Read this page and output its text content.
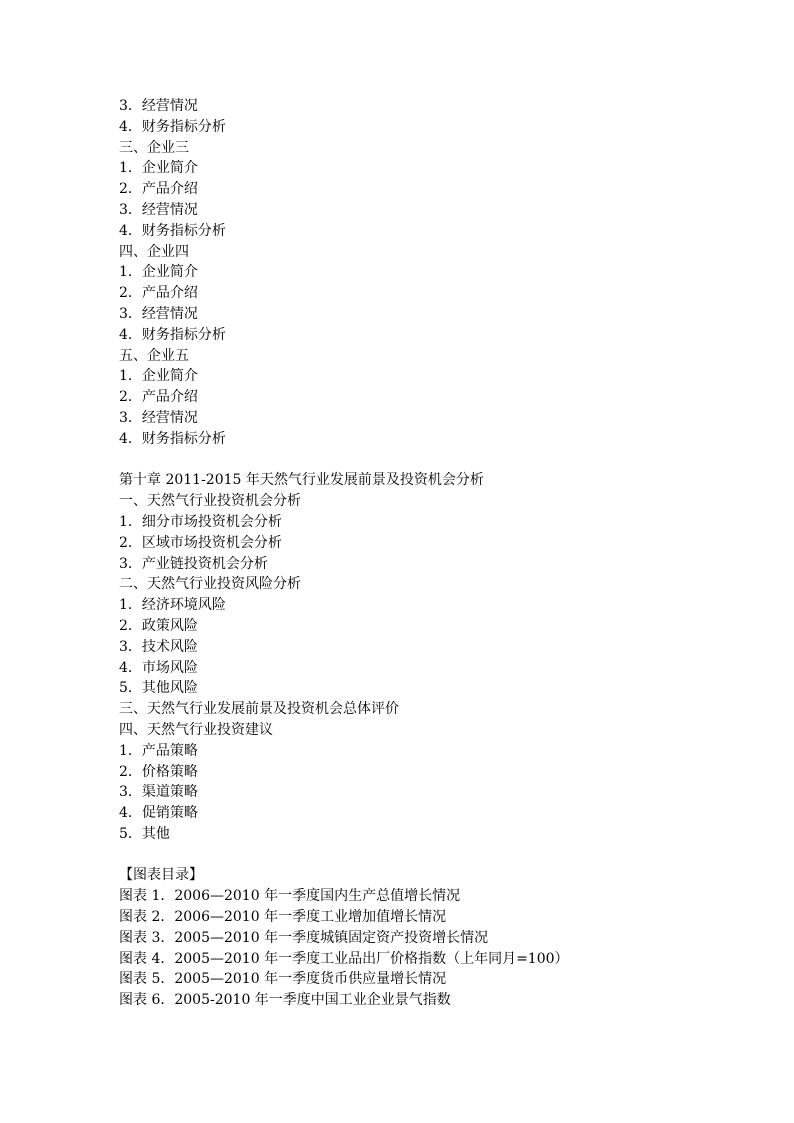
3．经营情况
4．财务指标分析
三、企业三
1．企业简介
2．产品介绍
3．经营情况
4．财务指标分析
四、企业四
1．企业简介
2．产品介绍
3．经营情况
4．财务指标分析
五、企业五
1．企业简介
2．产品介绍
3．经营情况
4．财务指标分析
第十章 2011-2015 年天然气行业发展前景及投资机会分析
一、天然气行业投资机会分析
1．细分市场投资机会分析
2．区域市场投资机会分析
3．产业链投资机会分析
二、天然气行业投资风险分析
1．经济环境风险
2．政策风险
3．技术风险
4．市场风险
5．其他风险
三、天然气行业发展前景及投资机会总体评价
四、天然气行业投资建议
1．产品策略
2．价格策略
3．渠道策略
4．促销策略
5．其他
【图表目录】
图表 1．2006—2010 年一季度国内生产总值增长情况
图表 2．2006—2010 年一季度工业增加值增长情况
图表 3．2005—2010 年一季度城镇固定资产投资增长情况
图表 4．2005—2010 年一季度工业品出厂价格指数（上年同月=100）
图表 5．2005—2010 年一季度货币供应量增长情况
图表 6．2005-2010 年一季度中国工业企业景气指数
